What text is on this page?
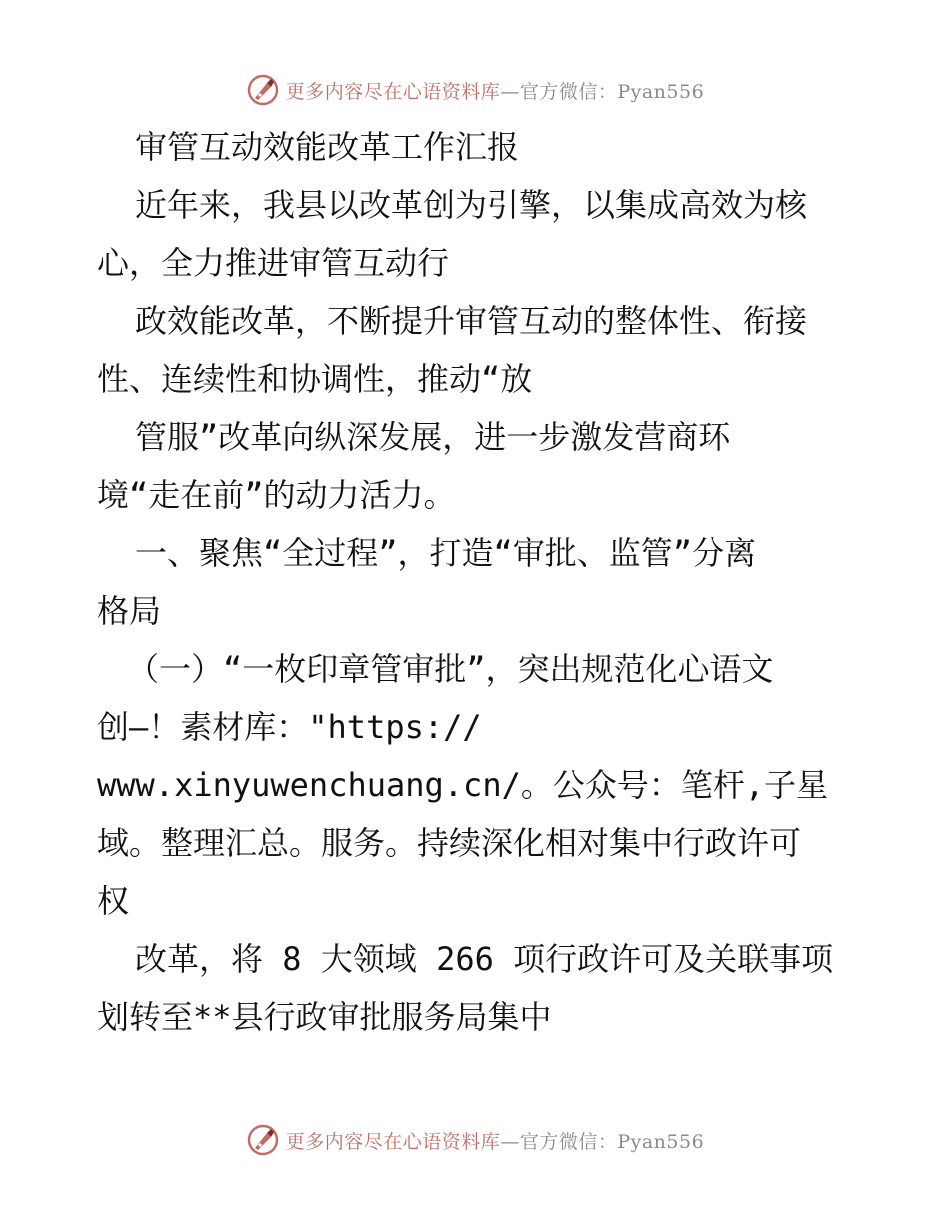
更多内容尽在心语资料库—官方微信：Pyan556
审管互动效能改革工作汇报
近年来，我县以改革创为引擎，以集成高效为核
心，全力推进审管互动行
政效能改革，不断提升审管互动的整体性、衔接
性、连续性和协调性，推动“放
管服”改革向纵深发展，进一步激发营商环
境“走在前”的动力活力。
一、聚焦“全过程”，打造“审批、监管”分离
格局
（一）“一枚印章管审批”，突出规范化心语文
创—！素材库："https://
www.xinyuwenchuang.cn/。公众号：笔杆,子星
域。整理汇总。服务。持续深化相对集中行政许可
权
改革，将 8 大领域 266 项行政许可及关联事项
划转至**县行政审批服务局集中
更多内容尽在心语资料库—官方微信：Pyan556
